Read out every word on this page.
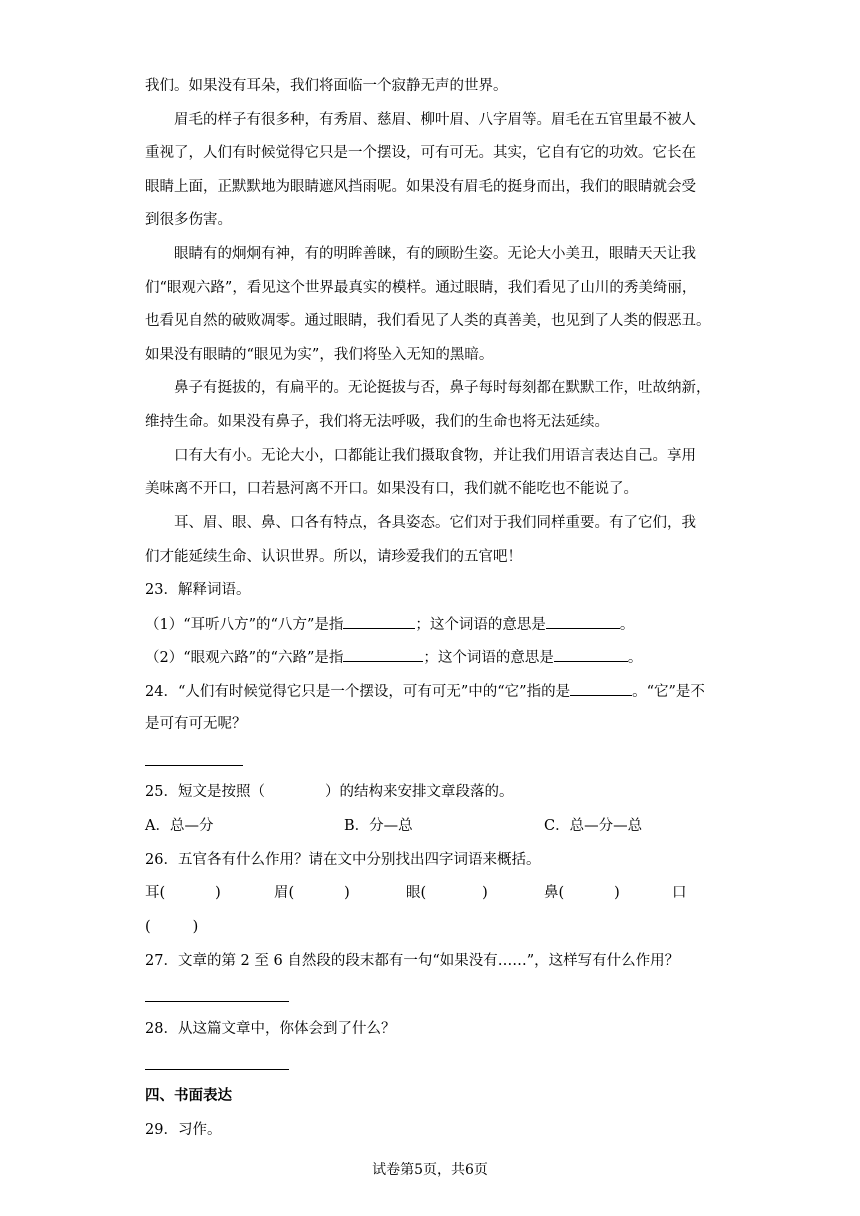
我们。如果没有耳朵，我们将面临一个寂静无声的世界。
眉毛的样子有很多种，有秀眉、慈眉、柳叶眉、八字眉等。眉毛在五官里最不被人
重视了，人们有时候觉得它只是一个摆设，可有可无。其实，它自有它的功效。它长在
眼睛上面，正默默地为眼睛遮风挡雨呢。如果没有眉毛的挺身而出，我们的眼睛就会受
到很多伤害。
眼睛有的炯炯有神，有的明眸善睐，有的顾盼生姿。无论大小美丑，眼睛天天让我
们“眼观六路”，看见这个世界最真实的模样。通过眼睛，我们看见了山川的秀美绮丽，
也看见自然的破败凋零。通过眼睛，我们看见了人类的真善美，也见到了人类的假恶丑。
如果没有眼睛的“眼见为实”，我们将坠入无知的黑暗。
鼻子有挺拔的，有扁平的。无论挺拔与否，鼻子每时每刻都在默默工作，吐故纳新，
维持生命。如果没有鼻子，我们将无法呼吸，我们的生命也将无法延续。
口有大有小。无论大小，口都能让我们摄取食物，并让我们用语言表达自己。享用
美味离不开口，口若悬河离不开口。如果没有口，我们就不能吃也不能说了。
耳、眉、眼、鼻、口各有特点，各具姿态。它们对于我们同样重要。有了它们，我
们才能延续生命、认识世界。所以，请珍爱我们的五官吧！
23．解释词语。
（1）“耳听八方”的“八方”是指	；这个词语的意思是	。
（2）“眼观六路”的“六路”是指	；这个词语的意思是	。
24．“人们有时候觉得它只是一个摆设，可有可无”中的“它”指的是	。“它”是不
是可有可无呢？
25．短文是按照（	）的结构来安排文章段落的。
A．总—分	B．分—总	C．总—分—总
26．五官各有什么作用？请在文中分别找出四字词语来概括。
耳(	)	眉(	)	眼(	)	鼻(	)	口
(	)
27．文章的第 2 至 6 自然段的段末都有一句“如果没有……”，这样写有什么作用？
28．从这篇文章中，你体会到了什么？
四、书面表达
29．习作。
试卷第5页，共6页
